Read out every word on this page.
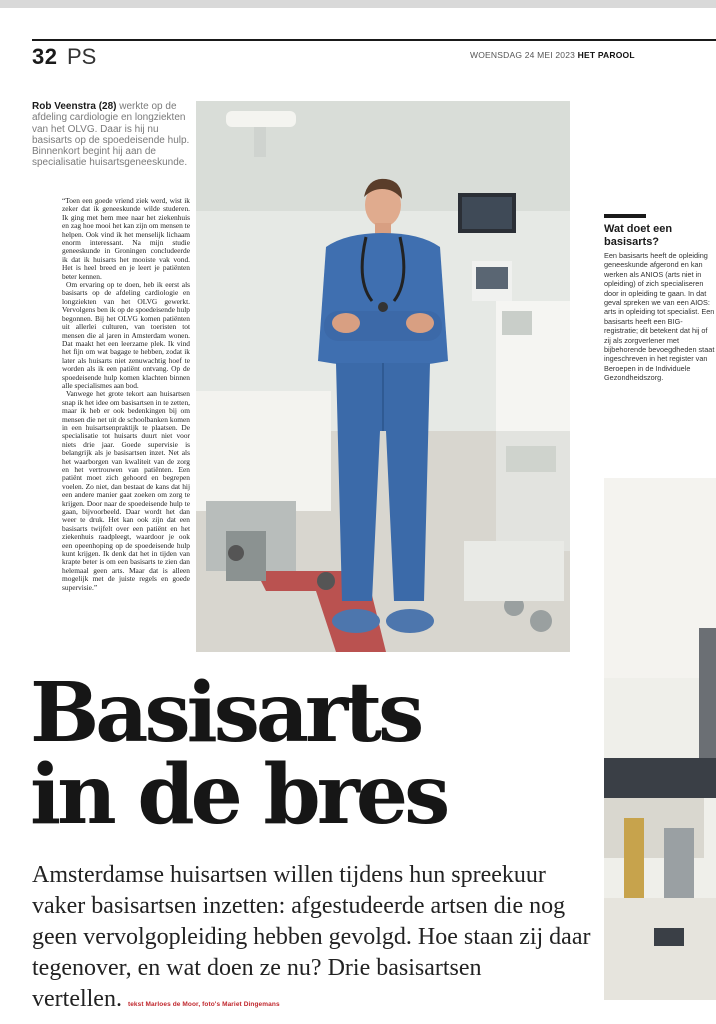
32 PS	WOENSDAG 24 MEI 2023 HET PAROOL
Rob Veenstra (28) werkte op de afdeling cardiologie en longziekten van het OLVG. Daar is hij nu basisarts op de spoedeisende hulp. Binnenkort begint hij aan de specialisatie huisartsgeneeskunde.

“Toen een goede vriend ziek werd, wist ik zeker dat ik geneeskunde wilde studeren. Ik ging met hem mee naar het ziekenhuis en zag hoe mooi het kan zijn om mensen te helpen. Ook vind ik het menselijk lichaam enorm interessant. Na mijn studie geneeskunde in Groningen concludeerde ik dat ik huisarts het mooiste vak vond. Het is heel breed en je leert je patiënten beter kennen.

Om ervaring op te doen, heb ik eerst als basisarts op de afdeling cardiologie en longziekten van het OLVG gewerkt. Vervolgens ben ik op de spoedeisende hulp begonnen. Bij het OLVG komen patiënten uit allerlei culturen, van toeristen tot mensen die al jaren in Amsterdam wonen. Dat maakt het een leerzame plek. Ik vind het fijn om wat bagage te hebben, zodat ik later als huisarts niet zenuwachtig hoef te worden als ik een patiënt ontvang. Op de spoedeisende hulp komen klachten binnen alle specialismes aan bod.

Vanwege het grote tekort aan huisartsen snap ik het idee om basisartsen in te zetten, maar ik heb er ook bedenkingen bij om mensen die net uit de schoolbanken komen in een huisartsenpraktijk te plaatsen. De specialisatie tot huisarts duurt niet voor niets drie jaar. Goede supervisie is belangrijk als je basisartsen inzet. Net als het waarborgen van kwaliteit van de zorg en het vertrouwen van patiënten. Een patiënt moet zich gehoord en begrepen voelen. Zo niet, dan bestaat de kans dat hij een andere manier gaat zoeken om zorg te krijgen. Door naar de spoedeisende hulp te gaan, bijvoorbeeld. Daar wordt het dan weer te druk. Het kan ook zijn dat een basisarts twijfelt over een patiënt en het ziekenhuis raadpleegt, waardoor je ook een opeenhoping op de spoedeisende hulp kunt krijgen. Ik denk dat het in tijden van krapte beter is om een basisarts te zien dan helemaal geen arts. Maar dat is alleen mogelijk met de juiste regels en goede supervisie.”

Wat doet een basisarts?
Een basisarts heeft de opleiding geneeskunde afgerond en kan werken als ANIOS (arts niet in opleiding) of zich specialiseren door in opleiding te gaan. In dat geval spreken we van een AIOS: arts in opleiding tot specialist. Een basisarts heeft een BIG-registratie; dit betekent dat hij of zij als zorgverlener met bijbehorende bevoegdheden staat ingeschreven in het register van Beroepen in de Individuele Gezondheidszorg.
Basisarts
in de bres
Amsterdamse huisartsen willen tijdens hun spreekuur vaker basisartsen inzetten: afgestudeerde artsen die nog geen vervolgopleiding hebben gevolgd. Hoe staan zij daar tegenover, en wat doen ze nu? Drie basisartsen vertellen. tekst Marloes de Moor, foto's Mariet Dingemans
